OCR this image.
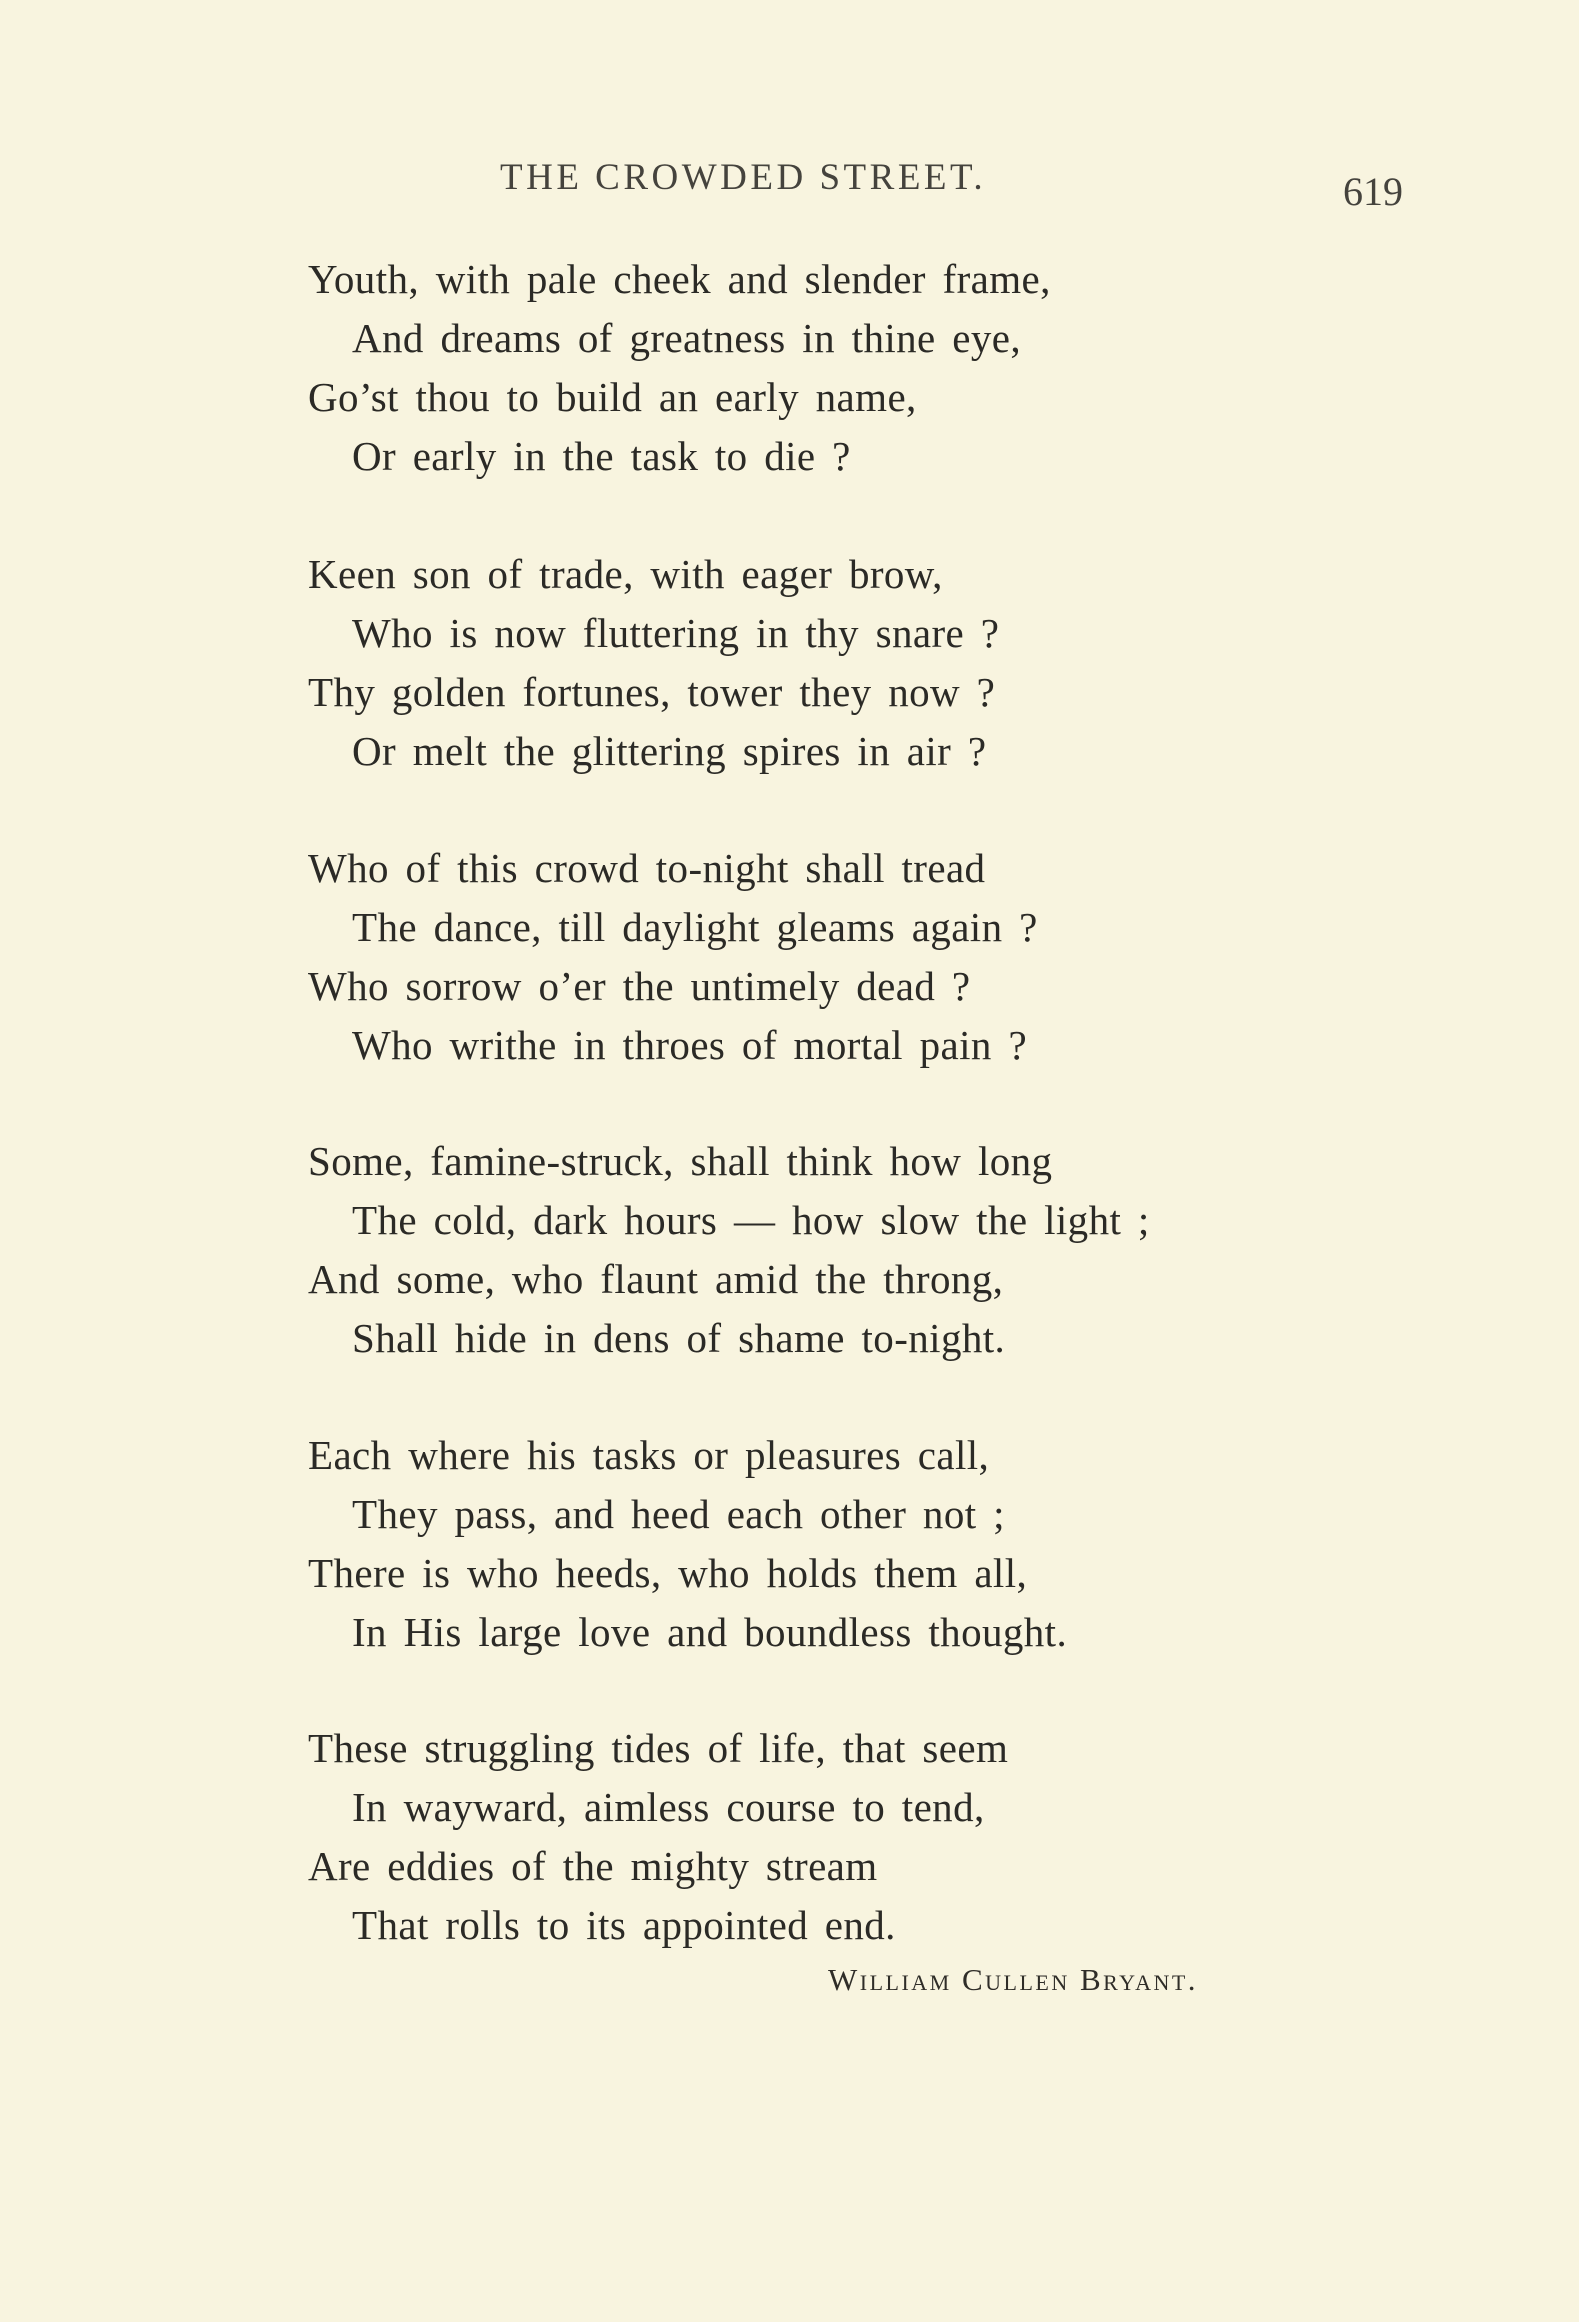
THE CROWDED STREET.	619
Youth, with pale cheek and slender frame,
And dreams of greatness in thine eye,
Go’st thou to build an early name,
Or early in the task to die ?
Keen son of trade, with eager brow,
Who is now fluttering in thy snare ?
Thy golden fortunes, tower they now ?
Or melt the glittering spires in air ?
Who of this crowd to-night shall tread
The dance, till daylight gleams again ?
Who sorrow o’er the untimely dead ?
Who writhe in throes of mortal pain ?
Some, famine-struck, shall think how long
The cold, dark hours — how slow the light ;
And some, who flaunt amid the throng,
Shall hide in dens of shame to-night.
Each where his tasks or pleasures call,
They pass, and heed each other not ;
There is who heeds, who holds them all,
In His large love and boundless thought.
These struggling tides of life, that seem
In wayward, aimless course to tend,
Are eddies of the mighty stream
That rolls to its appointed end.
William Cullen Bryant.
